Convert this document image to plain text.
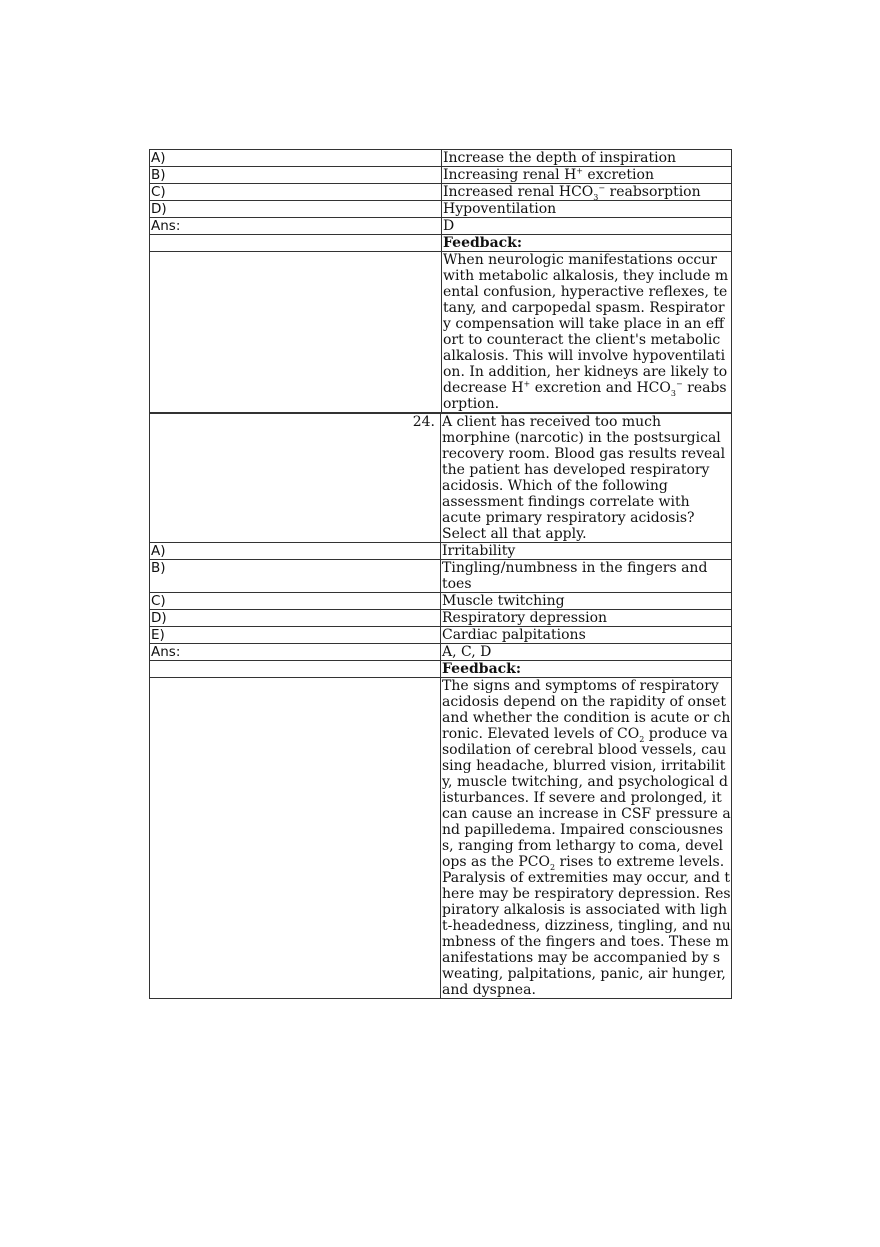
A)	Increase the depth of inspiration
B)	Increasing renal H+ excretion
C)	Increased renal $HCO_3^-$ reabsorption
D)	Hypoventilation
Ans:	D
	Feedback:
	When neurologic manifestations occur with metabolic alkalosis, they include mental confusion, hyperactive reflexes, tetany, and carpopedal spasm. Respiratory compensation will take place in an effort to counteract the client's metabolic alkalosis. This will involve hypoventilation. In addition, her kidneys are likely to decrease H+ excretion and $HCO_3^-$ reabsorption.
24.	A client has received too much morphine (narcotic) in the postsurgical recovery room. Blood gas results reveal the patient has developed respiratory acidosis. Which of the following assessment findings correlate with acute primary respiratory acidosis? Select all that apply.
A)	Irritability
B)	Tingling/numbness in the fingers and toes
C)	Muscle twitching
D)	Respiratory depression
E)	Cardiac palpitations
Ans:	A, C, D
	Feedback:
	The signs and symptoms of respiratory acidosis depend on the rapidity of onset and whether the condition is acute or chronic. Elevated levels of $CO_2$ produce vasodilation of cerebral blood vessels, causing headache, blurred vision, irritability, muscle twitching, and psychological disturbances. If severe and prolonged, it can cause an increase in CSF pressure and papilledema. Impaired consciousness, ranging from lethargy to coma, develops as the $PCO_2$ rises to extreme levels. Paralysis of extremities may occur, and there may be respiratory depression. Respiratory alkalosis is associated with light-headedness, dizziness, tingling, and numbness of the fingers and toes. These manifestations may be accompanied by sweating, palpitations, panic, air hunger, and dyspnea.
